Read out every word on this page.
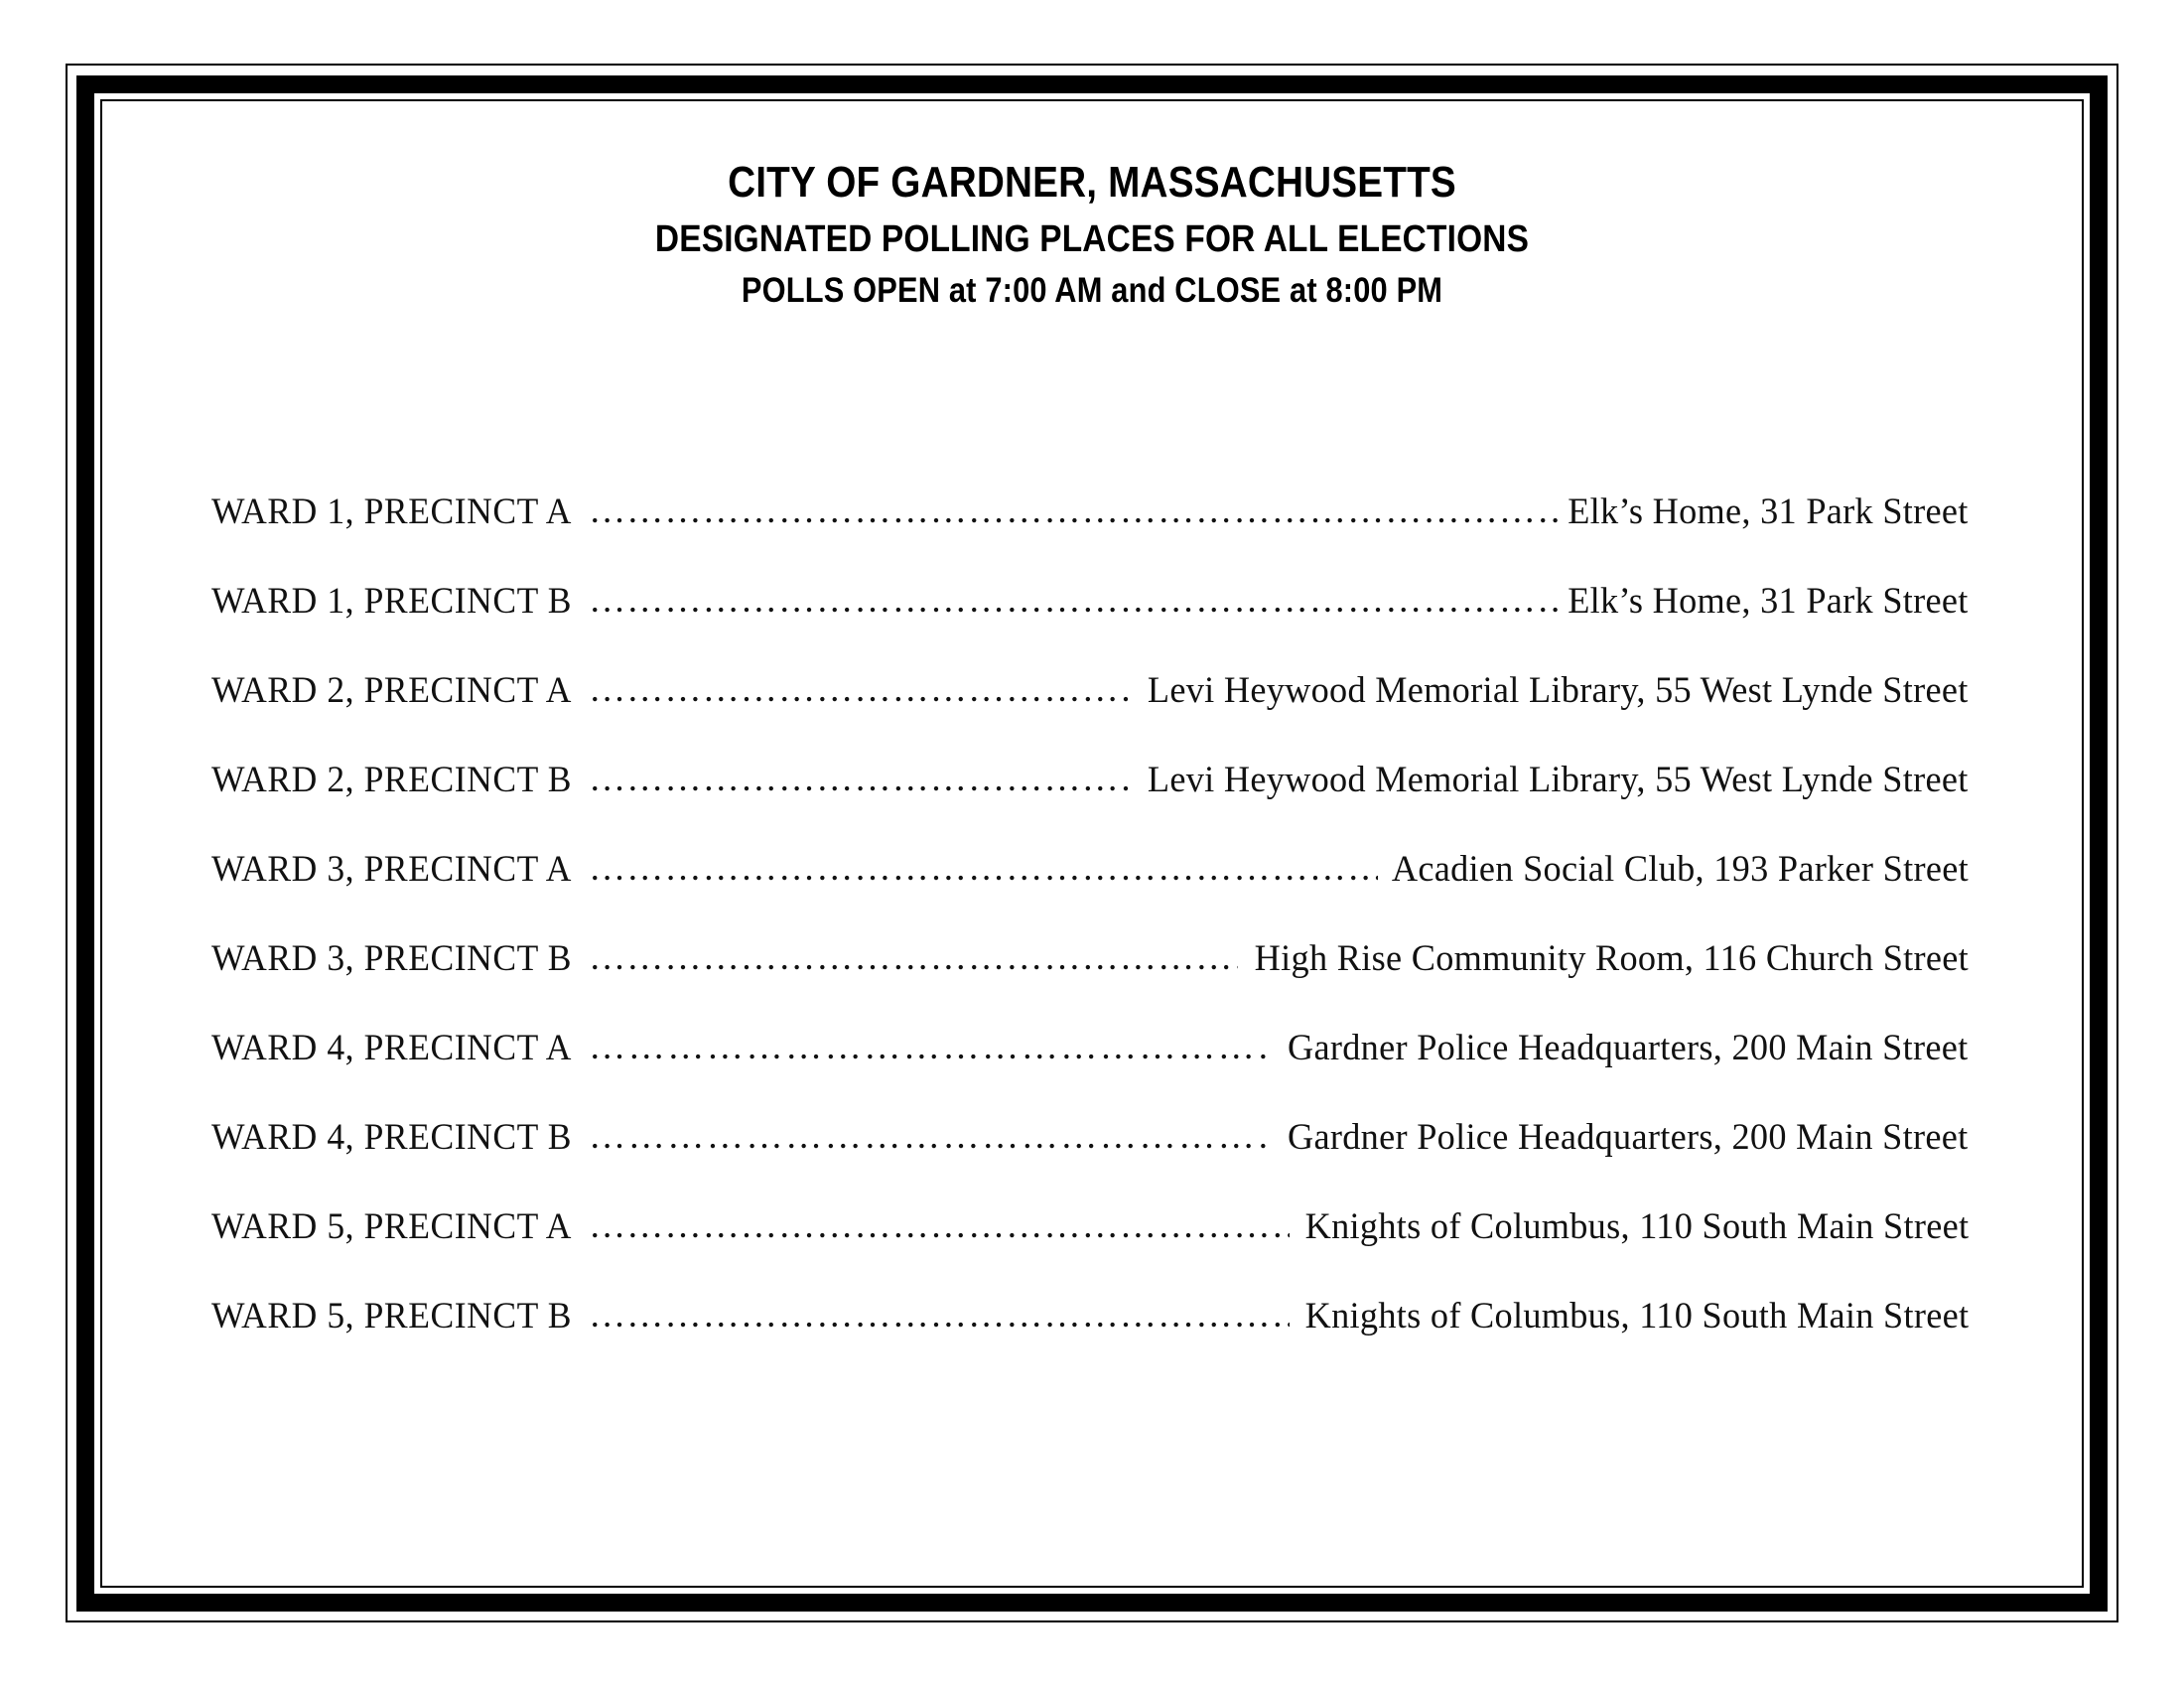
CITY OF GARDNER, MASSACHUSETTS
DESIGNATED POLLING PLACES FOR ALL ELECTIONS
POLLS OPEN at 7:00 AM and CLOSE at 8:00 PM
WARD 1, PRECINCT A …………………………………………………………………………………………………………………………………………………………	Elk’s Home, 31 Park Street
WARD 1, PRECINCT B …………………………………………………………………………………………………………………………………………………………	Elk’s Home, 31 Park Street
WARD 2, PRECINCT A …………………………………………………………………………………………………………………………………………………………	Levi Heywood Memorial Library, 55 West Lynde Street
WARD 2, PRECINCT B …………………………………………………………………………………………………………………………………………………………	Levi Heywood Memorial Library, 55 West Lynde Street
WARD 3, PRECINCT A …………………………………………………………………………………………………………………………………………………………	Acadien Social Club, 193 Parker Street
WARD 3, PRECINCT B …………………………………………………………………………………………………………………………………………………………	High Rise Community Room, 116 Church Street
WARD 4, PRECINCT A …………………………………………………………………………………………………………………………………………………………	Gardner Police Headquarters, 200 Main Street
WARD 4, PRECINCT B …………………………………………………………………………………………………………………………………………………………	Gardner Police Headquarters, 200 Main Street
WARD 5, PRECINCT A …………………………………………………………………………………………………………………………………………………………	Knights of Columbus, 110 South Main Street
WARD 5, PRECINCT B …………………………………………………………………………………………………………………………………………………………	Knights of Columbus, 110 South Main Street
